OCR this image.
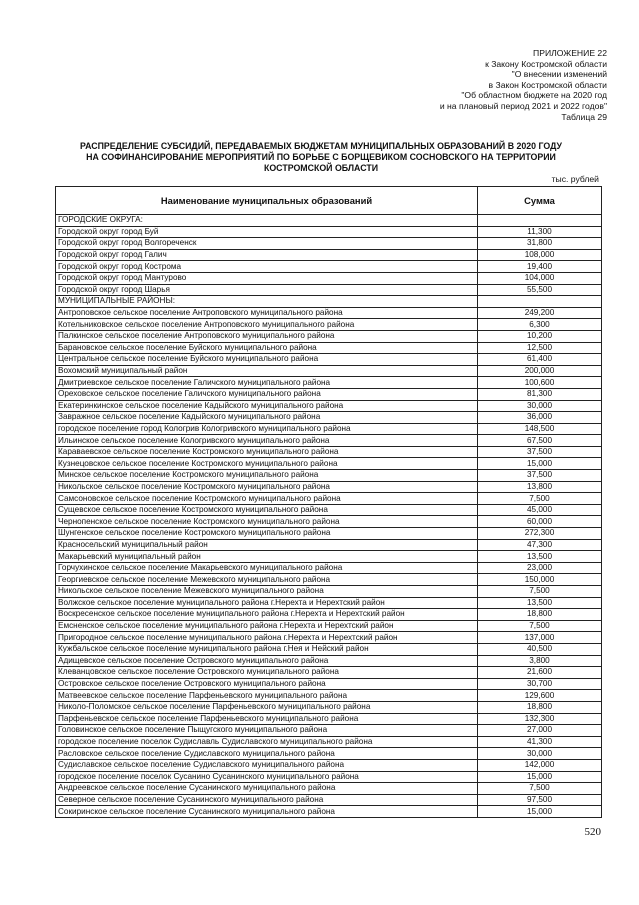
ПРИЛОЖЕНИЕ 22
к Закону Костромской области
"О внесении изменений
в Закон Костромской области
"Об областном бюджете на 2020 год
и на плановый период 2021 и 2022 годов"
Таблица 29
РАСПРЕДЕЛЕНИЕ СУБСИДИЙ, ПЕРЕДАВАЕМЫХ БЮДЖЕТАМ МУНИЦИПАЛЬНЫХ ОБРАЗОВАНИЙ В 2020 ГОДУ
НА СОФИНАНСИРОВАНИЕ МЕРОПРИЯТИЙ ПО БОРЬБЕ С БОРЩЕВИКОМ СОСНОВСКОГО НА ТЕРРИТОРИИ
КОСТРОМСКОЙ ОБЛАСТИ
тыс. рублей
Наименование муниципальных образований	Сумма
ГОРОДСКИЕ ОКРУГА:	
Городской округ город Буй	11,300
Городской округ город Волгореченск	31,800
Городской округ город Галич	108,000
Городской округ город Кострома	19,400
Городской округ город Мантурово	104,000
Городской округ город Шарья	55,500
МУНИЦИПАЛЬНЫЕ РАЙОНЫ:	
Антроповское сельское поселение Антроповского муниципального района	249,200
Котельниковское сельское поселение Антроповского муниципального района	6,300
Палкинское сельское поселение Антроповского муниципального района	10,200
Барановское сельское поселение Буйского муниципального района	12,500
Центральное сельское поселение Буйского муниципального района	61,400
Вохомский муниципальный район	200,000
Дмитриевское сельское поселение Галичского муниципального района	100,600
Ореховское сельское поселение Галичского муниципального района	81,300
Екатеринкинское сельское поселение Кадыйского муниципального района	30,000
Завражное сельское поселение Кадыйского муниципального района	36,000
городское поселение город Кологрив Кологривского муниципального района	148,500
Ильинское сельское поселение Кологривского муниципального района	67,500
Караваевское сельское поселение Костромского муниципального района	37,500
Кузнецовское сельское поселение Костромского муниципального района	15,000
Минское сельское поселение Костромского муниципального района	37,500
Никольское сельское поселение Костромского муниципального района	13,800
Самсоновское сельское поселение Костромского муниципального района	7,500
Сущевское сельское поселение Костромского муниципального района	45,000
Чернопенское сельское поселение Костромского муниципального района	60,000
Шунгенское сельское поселение Костромского муниципального района	272,300
Красносельский муниципальный район	47,300
Макарьевский муниципальный район	13,500
Горчухинское сельское поселение Макарьевского муниципального района	23,000
Георгиевское сельское поселение Межевского муниципального района	150,000
Никольское сельское поселение Межевского муниципального района	7,500
Волжское сельское поселение муниципального района г.Нерехта и Нерехтский район	13,500
Воскресенское сельское поселение муниципального района г.Нерехта и Нерехтский район	18,800
Емсненское сельское поселение муниципального района г.Нерехта и Нерехтский район	7,500
Пригородное сельское поселение муниципального района г.Нерехта и Нерехтский район	137,000
Кужбальское сельское поселение муниципального района г.Нея и Нейский район	40,500
Адищевское сельское поселение Островского муниципального района	3,800
Клеванцовское сельское поселение Островского муниципального района	21,600
Островское сельское поселение Островского муниципального района	30,700
Матвеевское сельское поселение Парфеньевского муниципального района	129,600
Николо-Поломское сельское поселение Парфеньевского муниципального района	18,800
Парфеньевское сельское поселение Парфеньевского муниципального района	132,300
Головинское сельское поселение Пыщугского муниципального района	27,000
городское поселение поселок Судиславль Судиславского муниципального района	41,300
Расловское сельское поселение Судиславского муниципального района	30,000
Судиславское сельское поселение Судиславского муниципального района	142,000
городское поселение поселок Сусанино Сусанинского муниципального района	15,000
Андреевское сельское поселение Сусанинского муниципального района	7,500
Северное сельское поселение Сусанинского муниципального района	97,500
Сокиринское сельское поселение Сусанинского муниципального района	15,000
520
